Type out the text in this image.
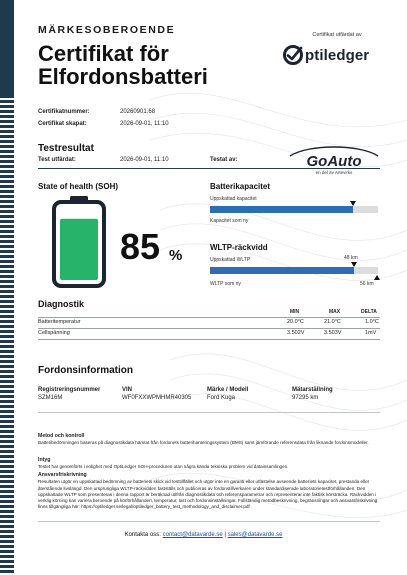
MÄRKESOBEROENDE
Certifikat för
Elfordonsbatteri
Certifikat utfärdat av
ptiledger
Certifikatnummer:	20260901.68
Certifikat skapat:	2026-09-01, 11:10
Testresultat
Test utfärdat:	2026-09-01, 11:10	Testat av:	GoAuto
en del av Artevirks
State of health (SOH)
85 %
Batterikapacitet
Uppskattad kapacitet
Kapacitet som ny
WLTP-räckvidd
Uppskattad WLTP	48 km
WLTP som ny	56 km
Diagnostik
MIN	MAX	DELTA
Batteritemperatur	20.0°C	21.0°C	1.0°C
Cellspänning	3.502V	3.503V	1mV
Fordonsinformation
Registreringsnummer
SZM16M
VIN
WF0FXXWPMHMR40305
Märke / Modell
Ford Kuga
Mätarställning
97295 km
Metod och kontroll
Batteribedömningen baseras på diagnostikdata hämtat från fordonets batterihanteringssystem (BMS) samt jämförande referensdata från liknande fordonsmodeller.
Intyg
Testet har genomförts i enlighet med OptiLedger SOH-proceduren utan några kända tekniska problem vid datainsamlingen.
Ansvarsfriskrivning
Resultaten utgör en uppskattad bedömning av batteriets skick vid testtillfället och utgör inte en garanti eller utfästelse avseende batteriets kapacitet, prestanda eller återstående livslängd. Den ursprungliga WLTP-räckvidden fastställs och publiceras av fordonstillverkaren under standardiserade laboratorietestförhållanden. Den uppskattade WLTP som presenteras i denna rapport är beräknad utifrån diagnostikdata och referensparametrar och representerar inte faktisk körsträcka. Räckvidden i verklig körning kan variera beroende på körförhållanden, temperatur, last och fordonsinställningar. Fullständig metodbeskrivning, begränsningar och ansvarsfriskrivning finns tillgängliga här: https://optiledger.se/legal/optiledger_battery_test_methodology_and_disclaimer.pdf
Kontakta oss: contact@datavarde.se | sales@datavarde.se
